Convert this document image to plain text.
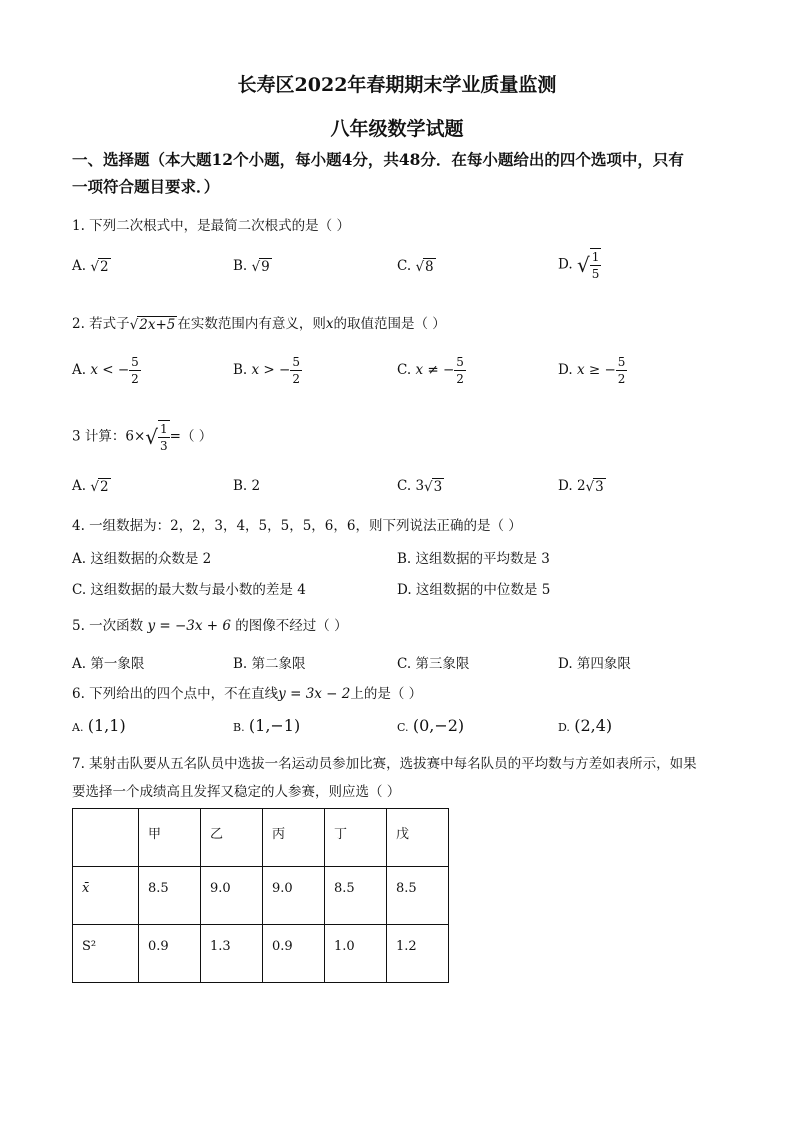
长寿区2022年春期期末学业质量监测
八年级数学试题
一、选择题（本大题12个小题，每小题4分，共48分．在每小题给出的四个选项中，只有
一项符合题目要求．）
1. 下列二次根式中，是最简二次根式的是（ ）
A. √2	B. √9	C. √8	D. √ $\frac{1}{5}$
2. 若式子√2x+5 在实数范围内有意义，则x的取值范围是（ ）
A. x < − $\frac{5}{2}$	B. x > − $\frac{5}{2}$	C. x ≠ − $\frac{5}{2}$	D. x ≥ − $\frac{5}{2}$
3 计算：$6\times√ \frac{1}{3}$ =（ ）
A. √2	B. 2	C. 3√3	D. 2√3
4. 一组数据为：2，2，3，4，5，5，5，6，6，则下列说法正确的是（ ）
A. 这组数据的众数是 2	B. 这组数据的平均数是 3
C. 这组数据的最大数与最小数的差是 4	D. 这组数据的中位数是 5
5. 一次函数 y = −3x + 6 的图像不经过（ ）
A. 第一象限	B. 第二象限	C. 第三象限	D. 第四象限
6. 下列给出的四个点中，不在直线y = 3x − 2上的是（ ）
A. (1,1)	B. (1,−1)	C. (0,−2)	D. (2,4)
7. 某射击队要从五名队员中选拔一名运动员参加比赛，选拔赛中每名队员的平均数与方差如表所示，如果
要选择一个成绩高且发挥又稳定的人参赛，则应选（ ）
	甲	乙	丙	丁	戊
x̄	8.5	9.0	9.0	8.5	8.5
S²	0.9	1.3	0.9	1.0	1.2
